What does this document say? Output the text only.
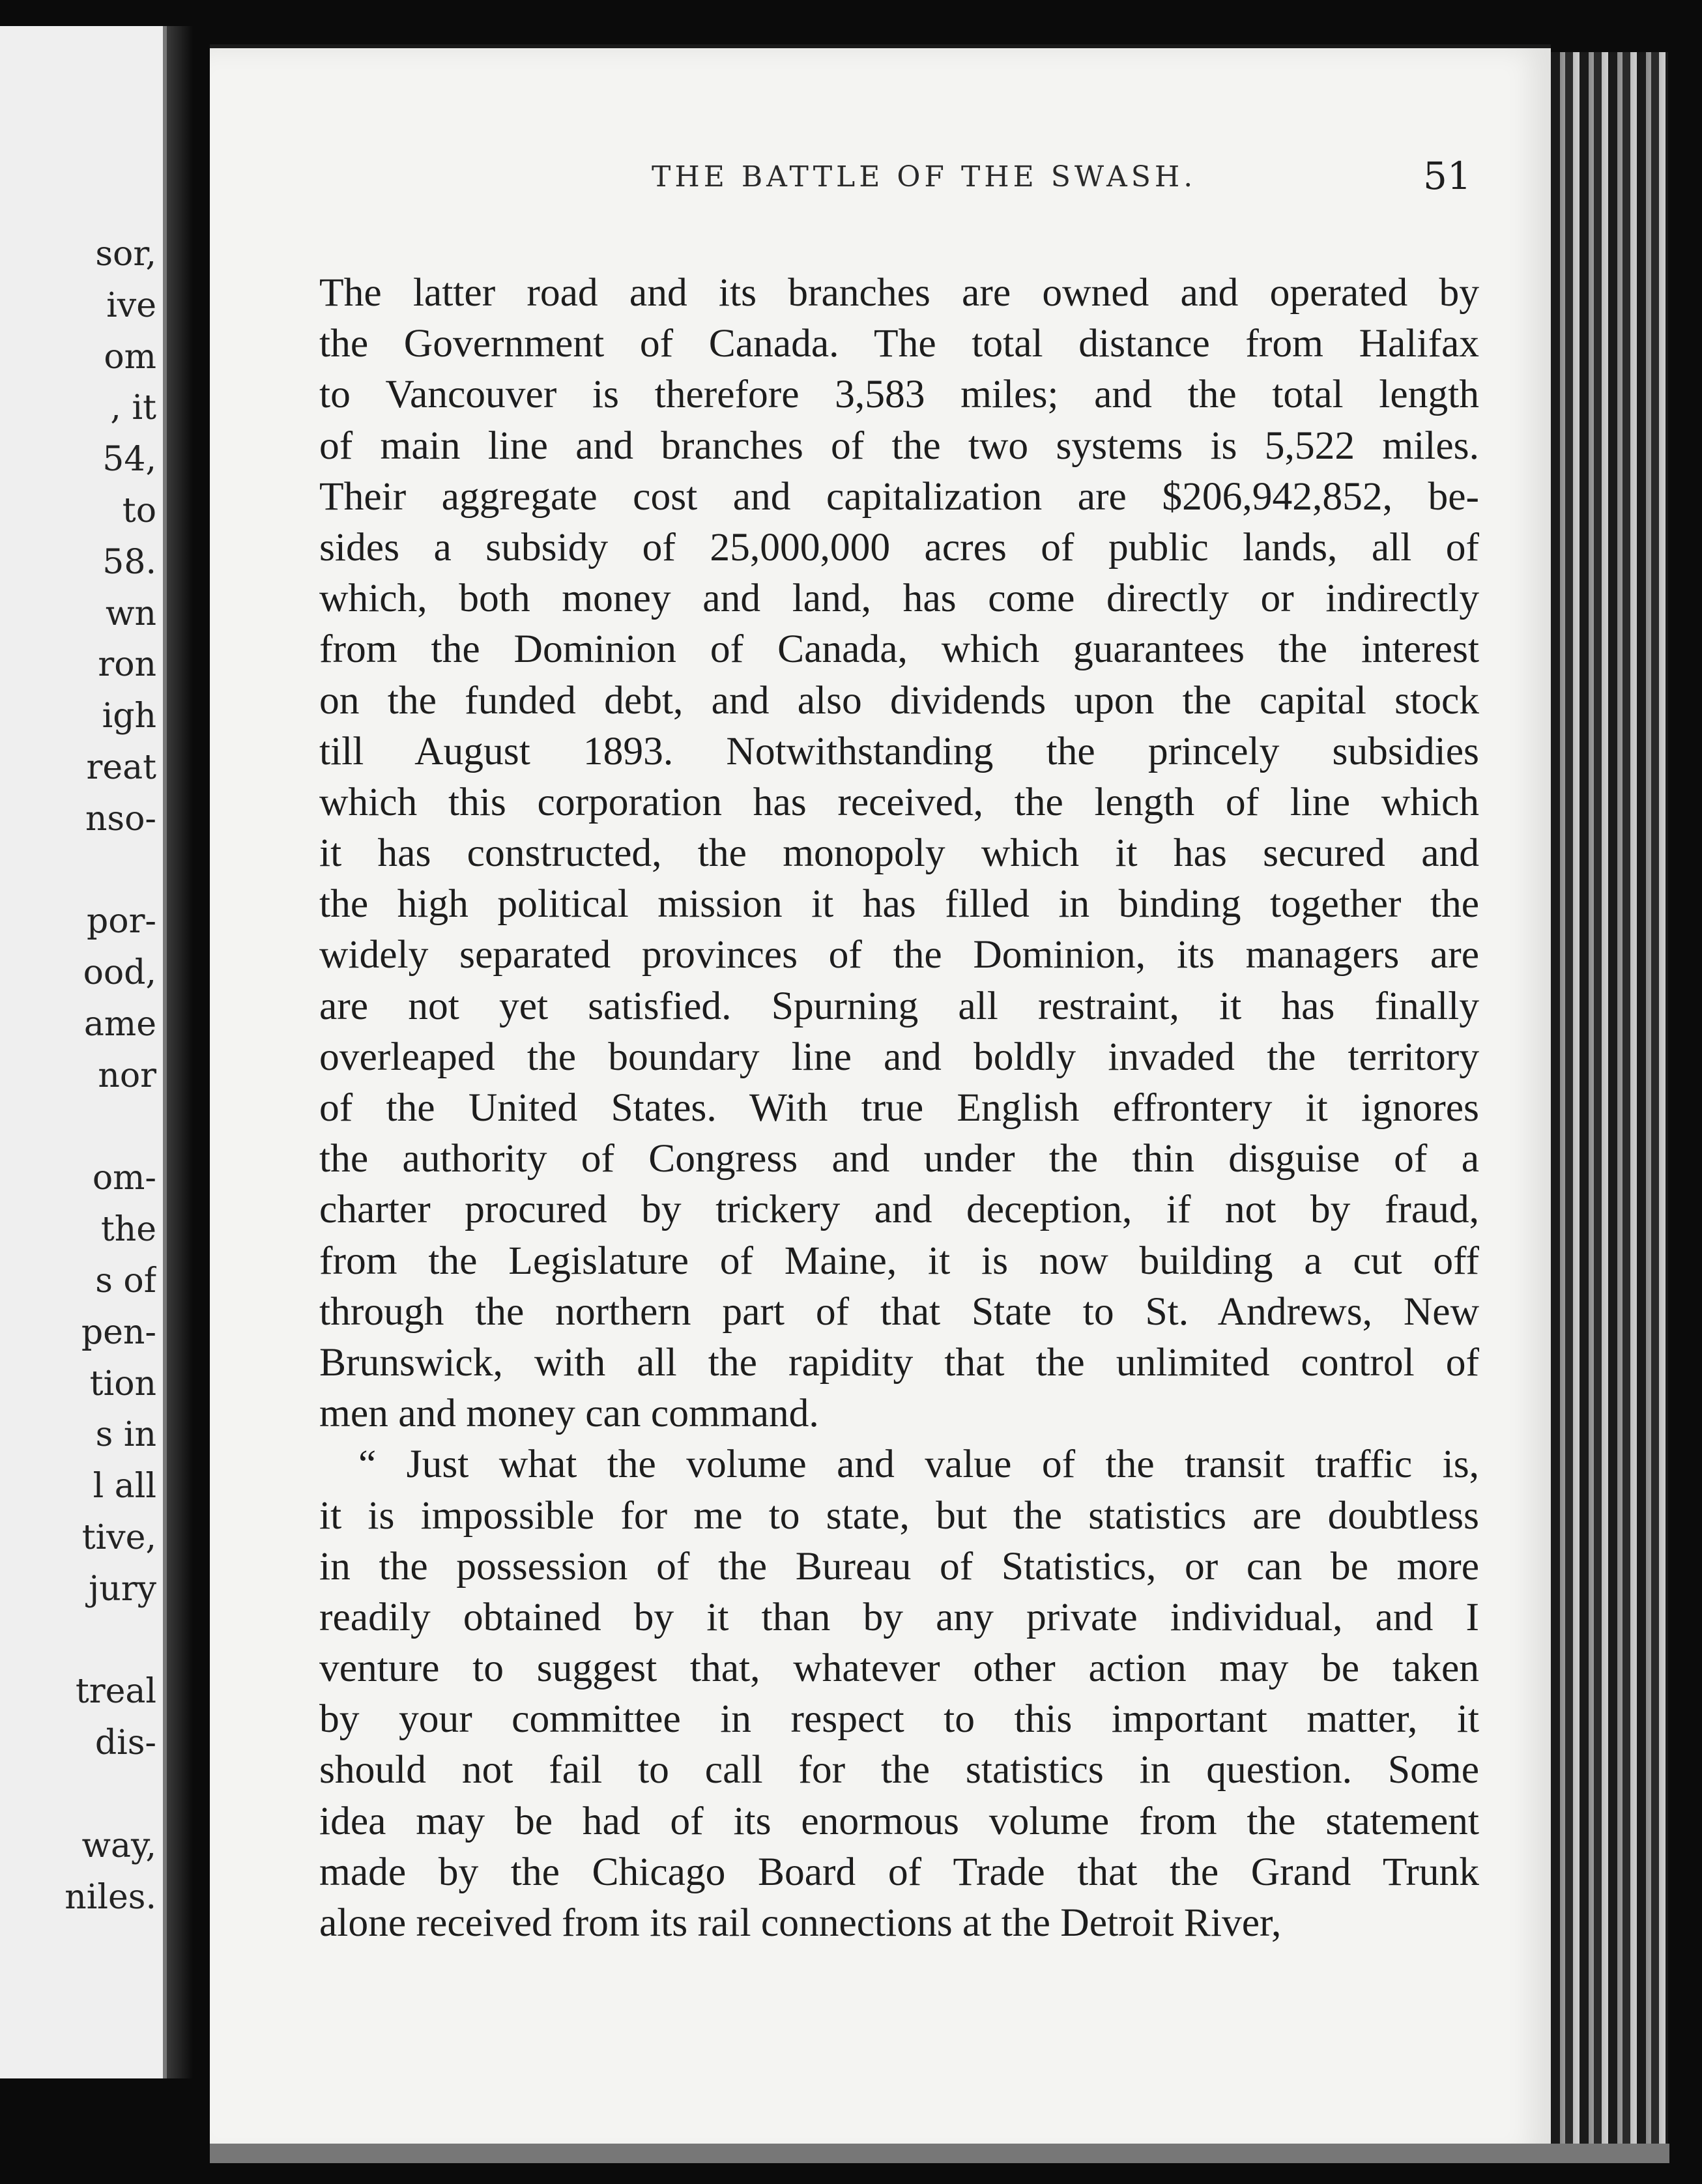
sor,
ive
om
, it
54,
to
58.
wn
ron
igh
reat
nso-
por-
ood,
ame
nor
om-
the
s of
pen-
tion
s in
l all
tive,
jury
treal
dis-
way,
niles.
THE BATTLE OF THE SWASH.	51
The latter road and its branches are owned and operated by
the Government of Canada. The total distance from Halifax
to Vancouver is therefore 3,583 miles; and the total length
of main line and branches of the two systems is 5,522 miles.
Their aggregate cost and capitalization are $206,942,852, be-
sides a subsidy of 25,000,000 acres of public lands, all of
which, both money and land, has come directly or indirectly
from the Dominion of Canada, which guarantees the interest
on the funded debt, and also dividends upon the capital stock
till August 1893. Notwithstanding the princely subsidies
which this corporation has received, the length of line which
it has constructed, the monopoly which it has secured and
the high political mission it has filled in binding together the
widely separated provinces of the Dominion, its managers are
are not yet satisfied. Spurning all restraint, it has finally
overleaped the boundary line and boldly invaded the territory
of the United States. With true English effrontery it ignores
the authority of Congress and under the thin disguise of a
charter procured by trickery and deception, if not by fraud,
from the Legislature of Maine, it is now building a cut off
through the northern part of that State to St. Andrews, New
Brunswick, with all the rapidity that the unlimited control of
men and money can command.
“ Just what the volume and value of the transit traffic is,
it is impossible for me to state, but the statistics are doubtless
in the possession of the Bureau of Statistics, or can be more
readily obtained by it than by any private individual, and I
venture to suggest that, whatever other action may be taken
by your committee in respect to this important matter, it
should not fail to call for the statistics in question. Some
idea may be had of its enormous volume from the statement
made by the Chicago Board of Trade that the Grand Trunk
alone received from its rail connections at the Detroit River,
